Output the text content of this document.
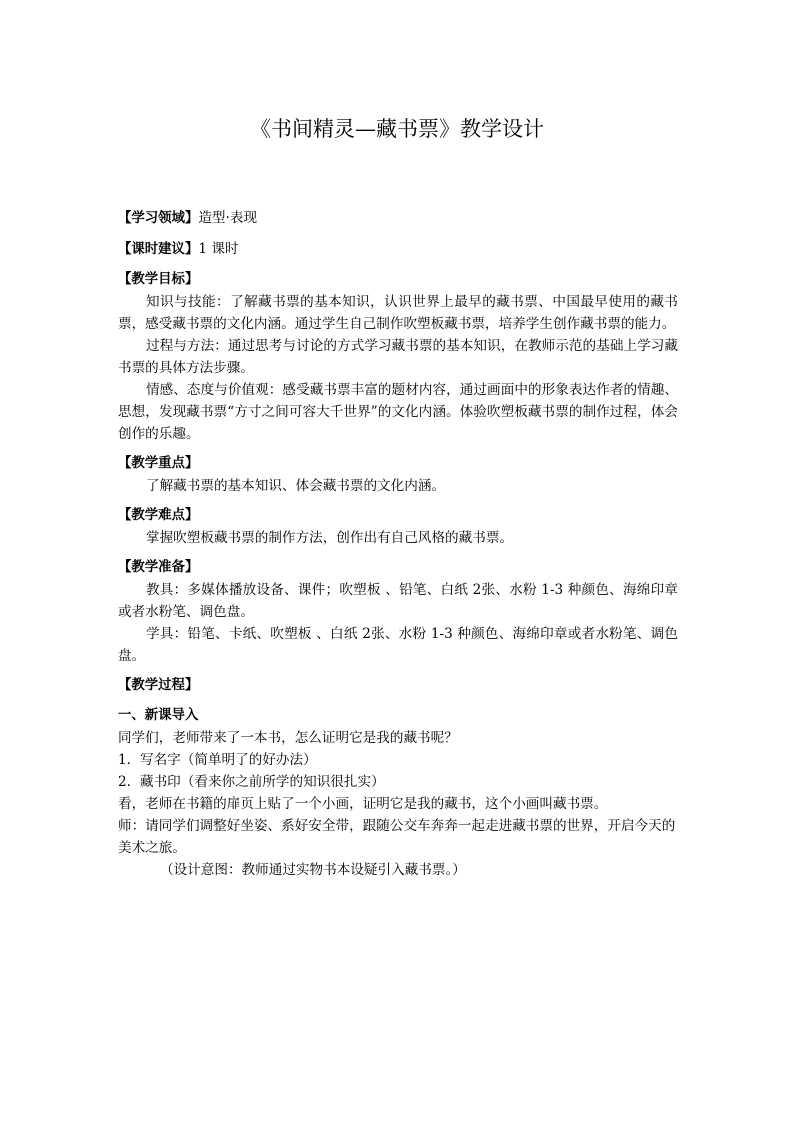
《书间精灵—藏书票》教学设计

【学习领域】造型·表现

【课时建议】1 课时

【教学目标】

知识与技能：了解藏书票的基本知识，认识世界上最早的藏书票、中国最早使用的藏书票，感受藏书票的文化内涵。通过学生自己制作吹塑板藏书票，培养学生创作藏书票的能力。

过程与方法：通过思考与讨论的方式学习藏书票的基本知识，在教师示范的基础上学习藏书票的具体方法步骤。

情感、态度与价值观：感受藏书票丰富的题材内容，通过画面中的形象表达作者的情趣、思想，发现藏书票“方寸之间可容大千世界”的文化内涵。体验吹塑板藏书票的制作过程，体会创作的乐趣。

【教学重点】

了解藏书票的基本知识、体会藏书票的文化内涵。

【教学难点】

掌握吹塑板藏书票的制作方法，创作出有自己风格的藏书票。

【教学准备】

教具：多媒体播放设备、课件；吹塑板 、铅笔、白纸 2张、水粉 1-3 种颜色、海绵印章或者水粉笔、调色盘。

学具：铅笔、卡纸、吹塑板 、白纸 2张、水粉 1-3 种颜色、海绵印章或者水粉笔、调色盘。

【教学过程】

一、新课导入

同学们，老师带来了一本书，怎么证明它是我的藏书呢？

1. 写名字（简单明了的好办法）

2. 藏书印（看来你之前所学的知识很扎实）

看，老师在书籍的扉页上贴了一个小画，证明它是我的藏书，这个小画叫藏书票。

师：请同学们调整好坐姿、系好安全带，跟随公交车奔奔一起走进藏书票的世界，开启今天的美术之旅。

（设计意图：教师通过实物书本设疑引入藏书票。）
